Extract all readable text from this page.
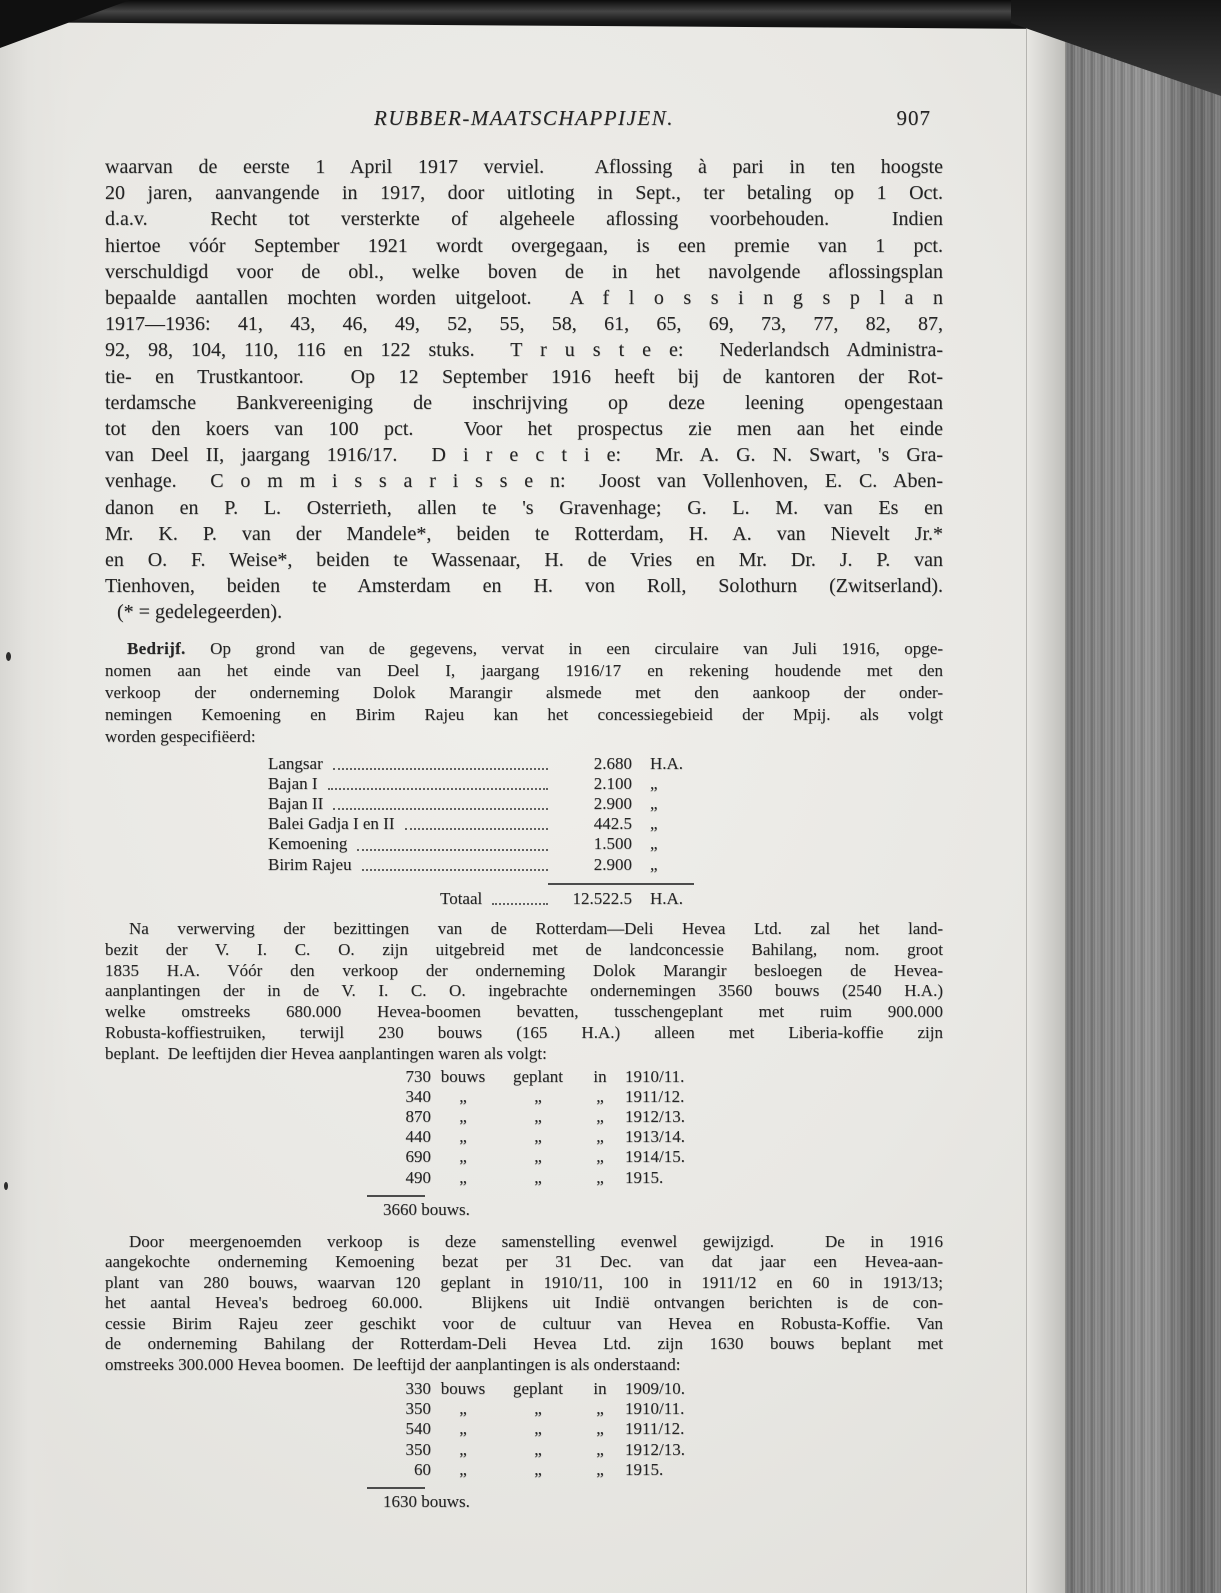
RUBBER-MAATSCHAPPIJEN.	907
waarvan de eerste 1 April 1917 verviel.  Aflossing à pari in ten hoogste
20 jaren, aanvangende in 1917, door uitloting in Sept., ter betaling op 1 Oct.
d.a.v.  Recht tot versterkte of algeheele aflossing voorbehouden.  Indien
hiertoe vóór September 1921 wordt overgegaan, is een premie van 1 pct.
verschuldigd voor de obl., welke boven de in het navolgende aflossingsplan
bepaalde aantallen mochten worden uitgeloot.  A f l o s s i n g s p l a n
1917—1936: 41, 43, 46, 49, 52, 55, 58, 61, 65, 69, 73, 77, 82, 87,
92, 98, 104, 110, 116 en 122 stuks.  T r u s t e e:  Nederlandsch Administra-
tie- en Trustkantoor.  Op 12 September 1916 heeft bij de kantoren der Rot-
terdamsche Bankvereeniging de inschrijving op deze leening opengestaan
tot den koers van 100 pct.  Voor het prospectus zie men aan het einde
van Deel II, jaargang 1916/17.  D i r e c t i e:  Mr. A. G. N. Swart, 's Gra-
venhage.  C o m m i s s a r i s s e n:  Joost van Vollenhoven, E. C. Aben-
danon en P. L. Osterrieth, allen te 's Gravenhage; G. L. M. van Es en
Mr. K. P. van der Mandele*, beiden te Rotterdam, H. A. van Nievelt Jr.*
en O. F. Weise*, beiden te Wassenaar, H. de Vries en Mr. Dr. J. P. van
Tienhoven, beiden te Amsterdam en H. von Roll, Solothurn (Zwitserland).
(* = gedelegeerden).
Bedrijf. Op grond van de gegevens, vervat in een circulaire van Juli 1916, opge-
nomen aan het einde van Deel I, jaargang 1916/17 en rekening houdende met den
verkoop der onderneming Dolok Marangir alsmede met den aankoop der onder-
nemingen Kemoening en Birim Rajeu kan het concessiegebieid der Mpij. als volgt
worden gespecifiëerd:
Langsar	2.680	H.A.
Bajan I	2.100	„
Bajan II	2.900	„
Balei Gadja I en II	442.5	„
Kemoening	1.500	„
Birim Rajeu	2.900	„
Totaal	12.522.5	H.A.
Na verwerving der bezittingen van de Rotterdam—Deli Hevea Ltd. zal het land-
bezit der V. I. C. O. zijn uitgebreid met de landconcessie Bahilang, nom. groot
1835 H.A. Vóór den verkoop der onderneming Dolok Marangir besloegen de Hevea-
aanplantingen der in de V. I. C. O. ingebrachte ondernemingen 3560 bouws (2540 H.A.)
welke omstreeks 680.000 Hevea-boomen bevatten, tusschengeplant met ruim 900.000
Robusta-koffiestruiken, terwijl 230 bouws (165 H.A.) alleen met Liberia-koffie zijn
beplant.  De leeftijden dier Hevea aanplantingen waren als volgt:
730 bouws	geplant	in	1910/11.
340	„	„	„	1911/12.
870	„	„	„	1912/13.
440	„	„	„	1913/14.
690	„	„	„	1914/15.
490	„	„	„	1915.
3660 bouws.
Door meergenoemden verkoop is deze samenstelling evenwel gewijzigd.  De in 1916
aangekochte onderneming Kemoening bezat per 31 Dec. van dat jaar een Hevea-aan-
plant van 280 bouws, waarvan 120 geplant in 1910/11, 100 in 1911/12 en 60 in 1913/13;
het aantal Hevea's bedroeg 60.000.  Blijkens uit Indië ontvangen berichten is de con-
cessie Birim Rajeu zeer geschikt voor de cultuur van Hevea en Robusta-Koffie. Van
de onderneming Bahilang der Rotterdam-Deli Hevea Ltd. zijn 1630 bouws beplant met
omstreeks 300.000 Hevea boomen.  De leeftijd der aanplantingen is als onderstaand:
330 bouws	geplant	in	1909/10.
350	„	„	„	1910/11.
540	„	„	„	1911/12.
350	„	„	„	1912/13.
60	„	„	„	1915.
1630 bouws.
